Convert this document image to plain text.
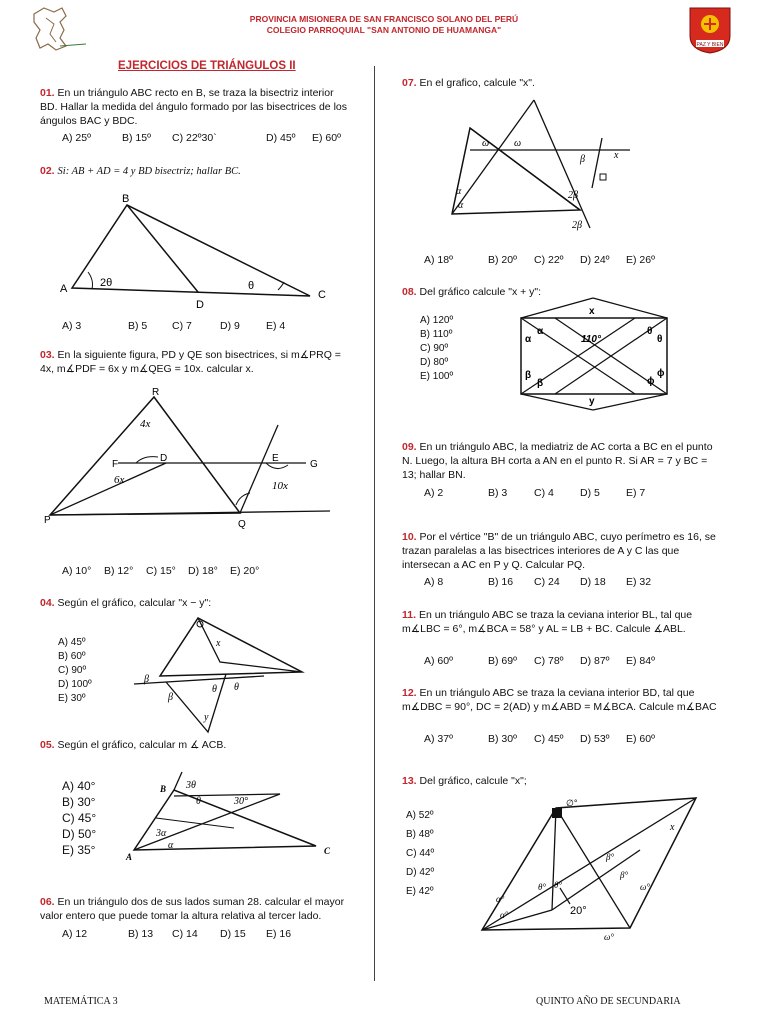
PROVINCIA MISIONERA DE SAN FRANCISCO SOLANO DEL PERÚ
COLEGIO PARROQUIAL "SAN ANTONIO DE HUAMANGA"
PAZ Y BIEN
EJERCICIOS DE TRIÁNGULOS II
01. En un triángulo ABC recto en B, se traza la bisectriz interior BD. Hallar la medida del ángulo formado por las bisectrices de los ángulos BAC y BDC.
A) 25º	B) 15º	C) 22º30`	D) 45º	E) 60º
02. Si: AB + AD = 4 y BD bisectriz; hallar BC.
B
A	C
D
2θ	θ
A) 3	B) 5	C) 7	D) 9	E) 4
03. En la siguiente figura, PD y QE son bisectrices, si m∡PRQ = 4x, m∡PDF = 6x y m∡QEG = 10x. calcular x.
R
F
D	E
G
P	Q
4x
6x	10x
A) 10°	B) 12°	C) 15°	D) 18°	E) 20°
04. Según el gráfico, calcular "x − y":
A) 45º
B) 60º
C) 90º
D) 100º
E) 30º
x
y
β
β
θ θ
05. Según el gráfico, calcular m ∡ ACB.
A) 40°
B) 30°
C) 45°
D) 50°
E) 35°
B
A
C
3θ
θ	30°
3α
α
06. En un triángulo dos de sus lados suman 28. calcular el mayor valor entero que puede tomar la altura relativa al tercer lado.
A) 12	B) 13	C) 14	D) 15	E) 16
07. En el grafico, calcule "x".
ω ω
β
2β
2β
α
α
x
A) 18º	B) 20º	C) 22º	D) 24º	E) 26º
08. Del gráfico calcule "x + y":
A) 120º
B) 110º
C) 90º
D) 80º
E) 100º
x
y
110°
α
α
β
β
θ
θ
ϕ
ϕ
09. En un triángulo ABC, la mediatriz de AC corta a BC en el punto N. Luego, la altura BH corta a AN en el punto R. Si AR = 7 y BC = 13; hallar BN.
A) 2	B) 3	C) 4	D) 5	E) 7
10. Por el vértice "B" de un triángulo ABC, cuyo perímetro es 16, se trazan paralelas a las bisectrices interiores de A y C las que intersecan a AC en P y Q. Calcular PQ.
A) 8	B) 16	C) 24	D) 18	E) 32
11. En un triángulo ABC se traza la ceviana interior BL, tal que m∡LBC = 6°, m∡BCA = 58° y AL = LB + BC. Calcule ∡ABL.
A) 60º	B) 69º	C) 78º	D) 87º	E) 84º
12. En un triángulo ABC se traza la ceviana interior BD, tal que m∡DBC = 90°, DC = 2(AD) y m∡ABD = M∡BCA. Calcule m∡BAC
A) 37º	B) 30º	C) 45º	D) 53º	E) 60º
13. Del gráfico, calcule "x";
A) 52º
B) 48º
C) 44º
D) 42º
E) 42º
∅°
x
β°
β°
θ° θ°
α°
α°
ω°
ω°
20°
MATEMÁTICA 3	QUINTO AÑO DE SECUNDARIA
